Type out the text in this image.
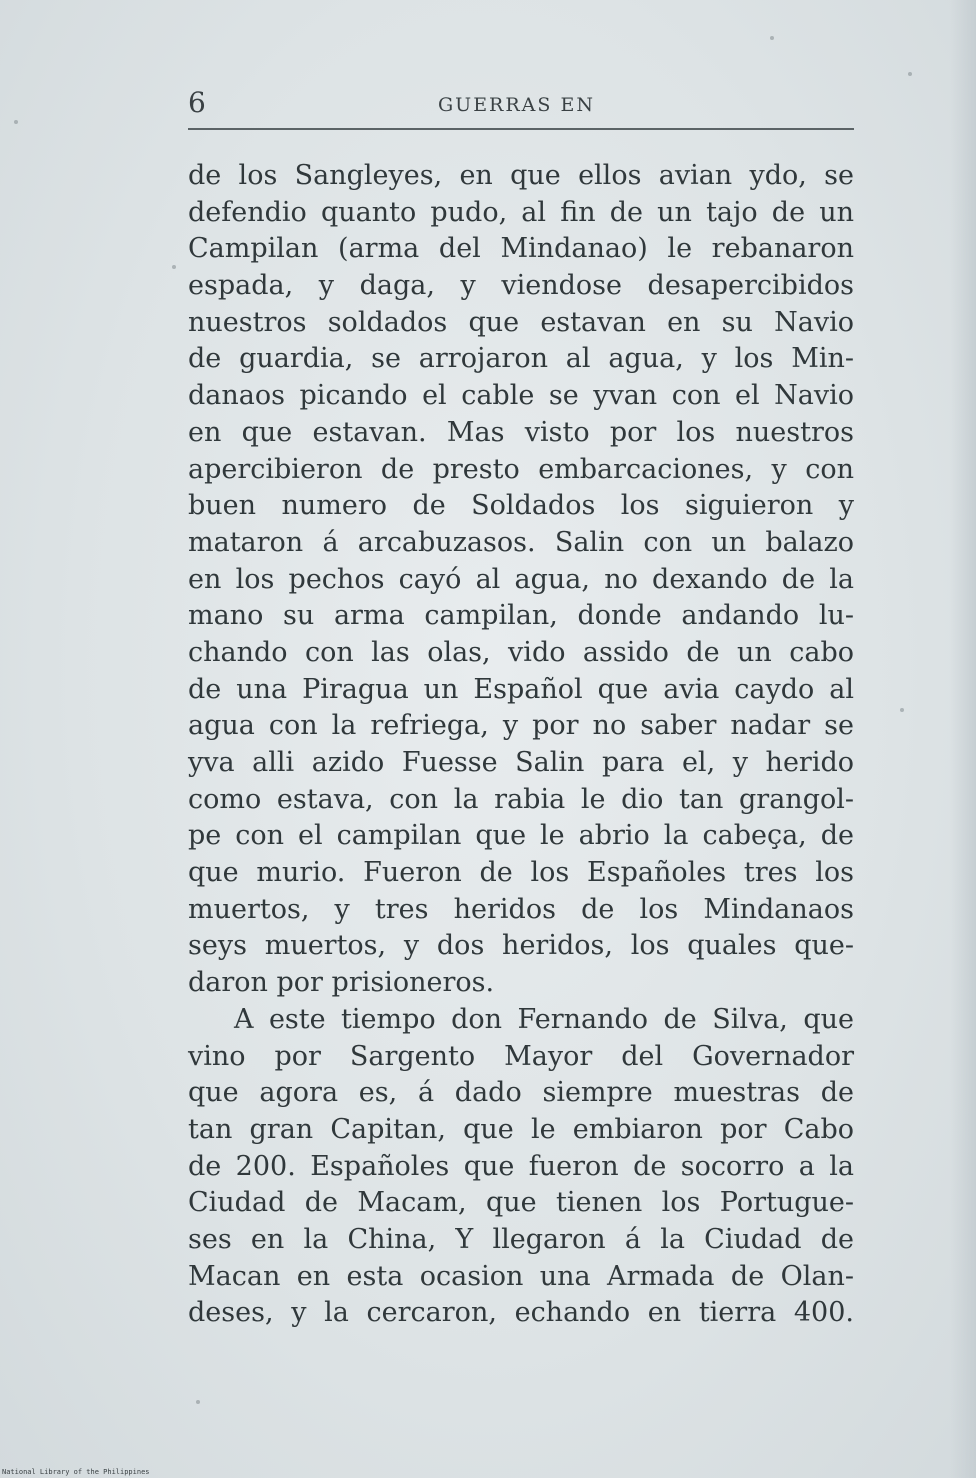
6	GUERRAS EN
de los Sangleyes, en que ellos avian ydo, se
defendio quanto pudo, al fin de un tajo de un
Campilan (arma del Mindanao) le rebanaron
espada, y daga, y viendose desapercibidos
nuestros soldados que estavan en su Navio
de guardia, se arrojaron al agua, y los Min-
danaos picando el cable se yvan con el Navio
en que estavan. Mas visto por los nuestros
apercibieron de presto embarcaciones, y con
buen numero de Soldados los siguieron y
mataron á arcabuzasos. Salin con un balazo
en los pechos cayó al agua, no dexando de la
mano su arma campilan, donde andando lu-
chando con las olas, vido assido de un cabo
de una Piragua un Español que avia caydo al
agua con la refriega, y por no saber nadar se
yva alli azido Fuesse Salin para el, y herido
como estava, con la rabia le dio tan grangol-
pe con el campilan que le abrio la cabeça, de
que murio. Fueron de los Españoles tres los
muertos, y tres heridos de los Mindanaos
seys muertos, y dos heridos, los quales que-
daron por prisioneros.
A este tiempo don Fernando de Silva, que
vino por Sargento Mayor del Governador
que agora es, á dado siempre muestras de
tan gran Capitan, que le embiaron por Cabo
de 200. Españoles que fueron de socorro a la
Ciudad de Macam, que tienen los Portugue-
ses en la China, Y llegaron á la Ciudad de
Macan en esta ocasion una Armada de Olan-
deses, y la cercaron, echando en tierra 400.
National Library of the Philippines
